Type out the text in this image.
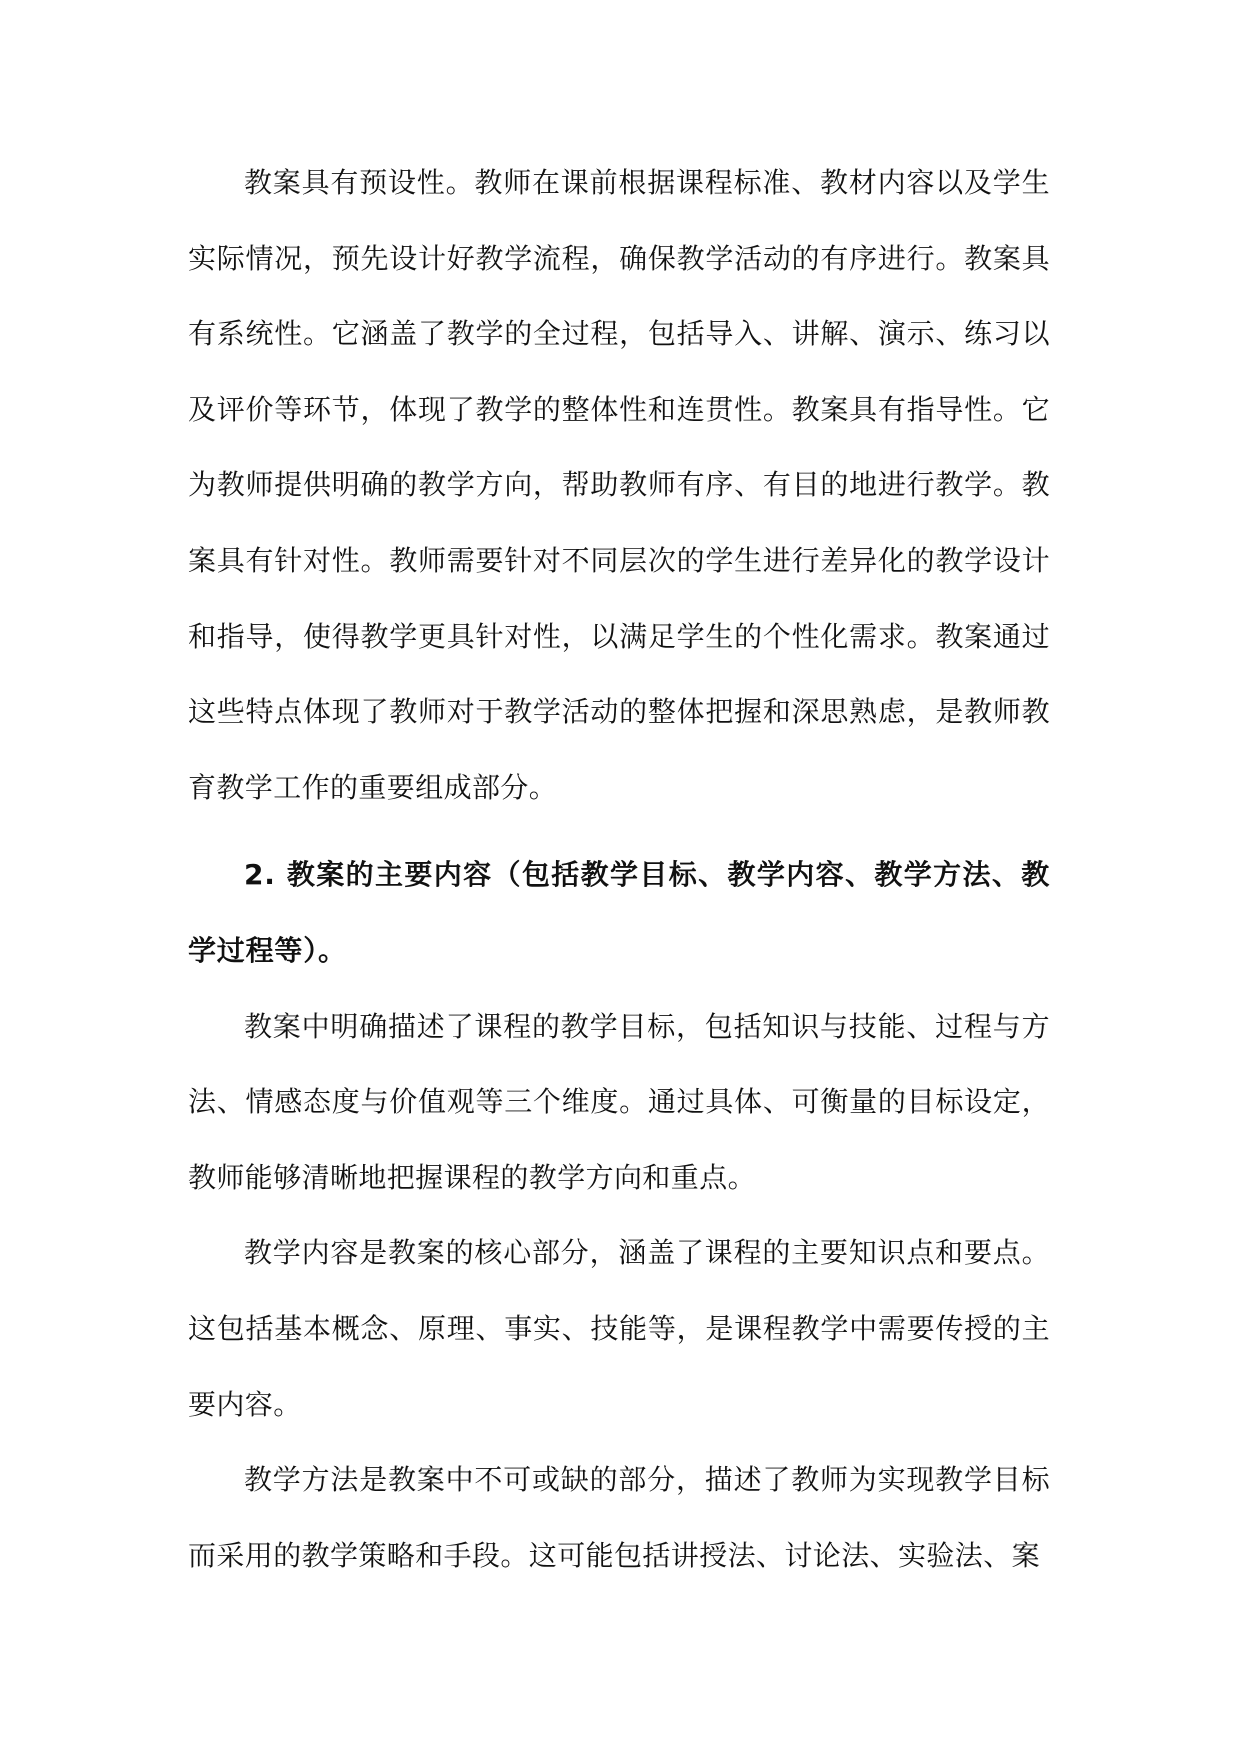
教案具有预设性。教师在课前根据课程标准、教材内容以及学生实际情况，预先设计好教学流程，确保教学活动的有序进行。教案具有系统性。它涵盖了教学的全过程，包括导入、讲解、演示、练习以及评价等环节，体现了教学的整体性和连贯性。教案具有指导性。它为教师提供明确的教学方向，帮助教师有序、有目的地进行教学。教案具有针对性。教师需要针对不同层次的学生进行差异化的教学设计和指导，使得教学更具针对性，以满足学生的个性化需求。教案通过这些特点体现了教师对于教学活动的整体把握和深思熟虑，是教师教育教学工作的重要组成部分。

2. 教案的主要内容（包括教学目标、教学内容、教学方法、教学过程等）。

教案中明确描述了课程的教学目标，包括知识与技能、过程与方法、情感态度与价值观等三个维度。通过具体、可衡量的目标设定，教师能够清晰地把握课程的教学方向和重点。

教学内容是教案的核心部分，涵盖了课程的主要知识点和要点。这包括基本概念、原理、事实、技能等，是课程教学中需要传授的主要内容。

教学方法是教案中不可或缺的部分，描述了教师为实现教学目标而采用的教学策略和手段。这可能包括讲授法、讨论法、实验法、案
